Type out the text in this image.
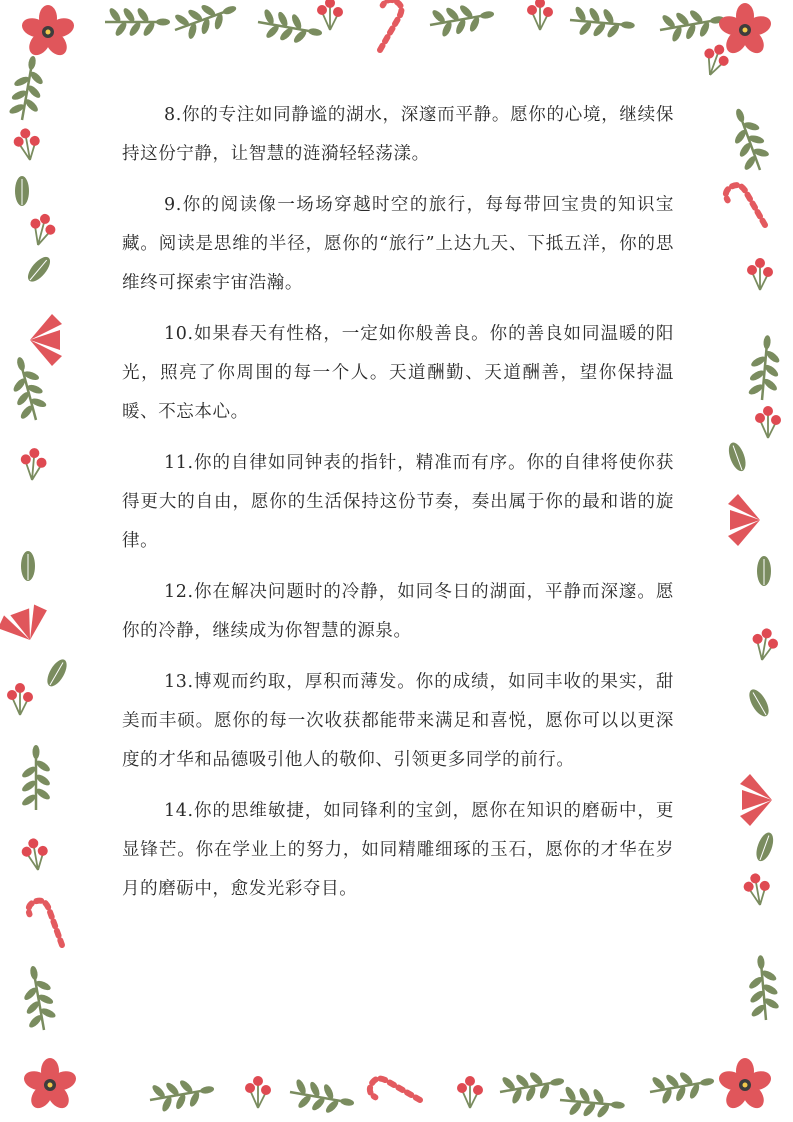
8.你的专注如同静谧的湖水，深邃而平静。愿你的心境，继续保持这份宁静，让智慧的涟漪轻轻荡漾。

9.你的阅读像一场场穿越时空的旅行，每每带回宝贵的知识宝藏。阅读是思维的半径，愿你的“旅行”上达九天、下抵五洋，你的思维终可探索宇宙浩瀚。

10.如果春天有性格，一定如你般善良。你的善良如同温暖的阳光，照亮了你周围的每一个人。天道酬勤、天道酬善，望你保持温暖、不忘本心。

11.你的自律如同钟表的指针，精准而有序。你的自律将使你获得更大的自由，愿你的生活保持这份节奏，奏出属于你的最和谐的旋律。

12.你在解决问题时的冷静，如同冬日的湖面，平静而深邃。愿你的冷静，继续成为你智慧的源泉。

13.博观而约取，厚积而薄发。你的成绩，如同丰收的果实，甜美而丰硕。愿你的每一次收获都能带来满足和喜悦，愿你可以以更深度的才华和品德吸引他人的敬仰、引领更多同学的前行。

14.你的思维敏捷，如同锋利的宝剑，愿你在知识的磨砺中，更显锋芒。你在学业上的努力，如同精雕细琢的玉石，愿你的才华在岁月的磨砺中，愈发光彩夺目。
